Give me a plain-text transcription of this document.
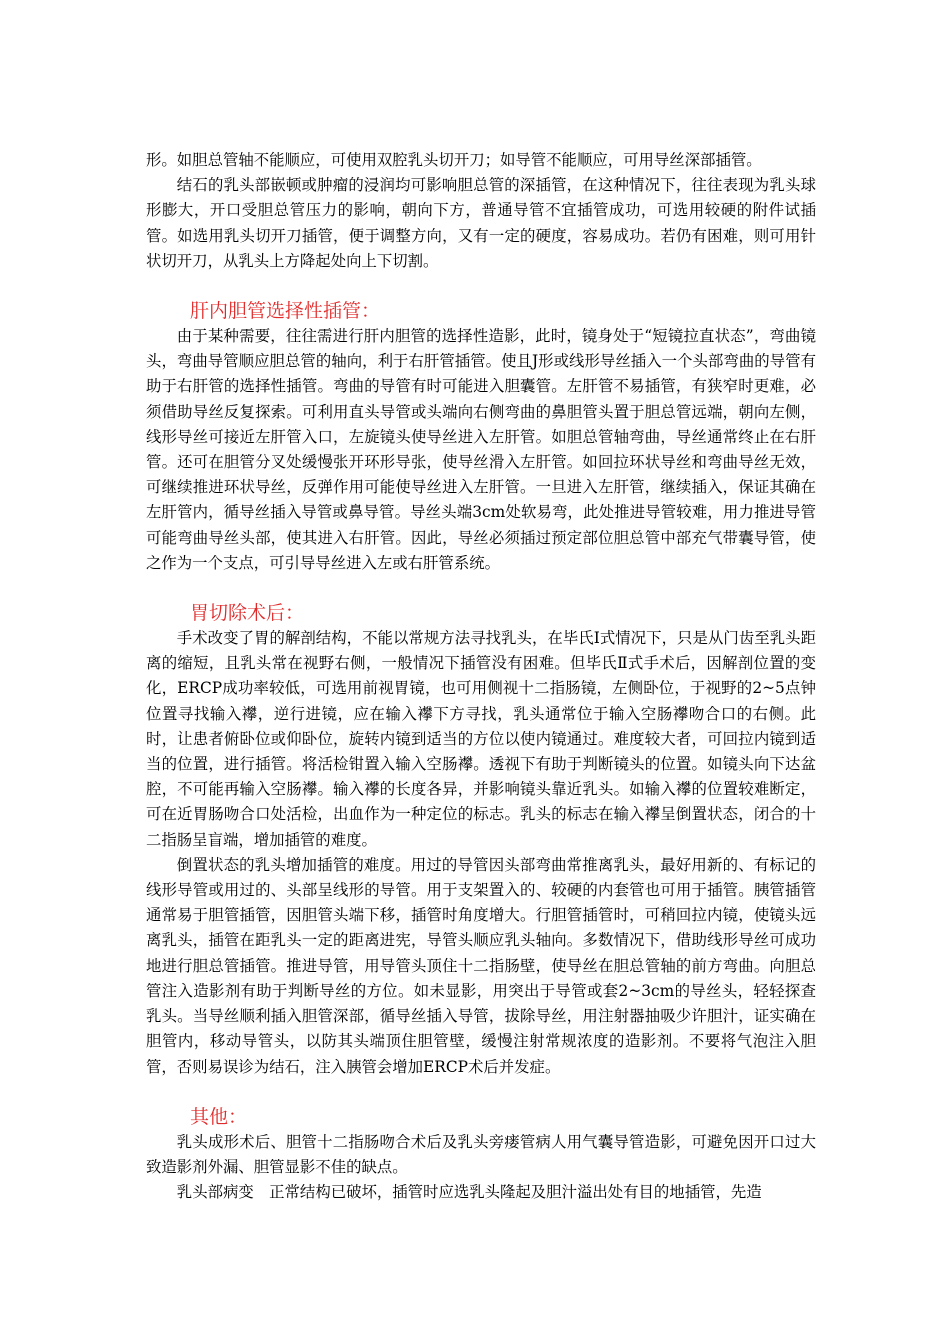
形。如胆总管轴不能顺应，可使用双腔乳头切开刀；如导管不能顺应，可用导丝深部插管。

结石的乳头部嵌顿或肿瘤的浸润均可影响胆总管的深插管，在这种情况下，往往表现为乳头球形膨大，开口受胆总管压力的影响，朝向下方，普通导管不宜插管成功，可选用较硬的附件试插管。如选用乳头切开刀插管，便于调整方向，又有一定的硬度，容易成功。若仍有困难，则可用针状切开刀，从乳头上方降起处向上下切割。

肝内胆管选择性插管：

由于某种需要，往往需进行肝内胆管的选择性造影，此时，镜身处于“短镜拉直状态”，弯曲镜头，弯曲导管顺应胆总管的轴向，利于右肝管插管。使且J形或线形导丝插入一个头部弯曲的导管有助于右肝管的选择性插管。弯曲的导管有时可能进入胆囊管。左肝管不易插管，有狭窄时更难，必须借助导丝反复探索。可利用直头导管或头端向右侧弯曲的鼻胆管头置于胆总管远端，朝向左侧，线形导丝可接近左肝管入口，左旋镜头使导丝进入左肝管。如胆总管轴弯曲，导丝通常终止在右肝管。还可在胆管分叉处缓慢张开环形导张，使导丝滑入左肝管。如回拉环状导丝和弯曲导丝无效，可继续推进环状导丝，反弹作用可能使导丝进入左肝管。一旦进入左肝管，继续插入，保证其确在左肝管内，循导丝插入导管或鼻导管。导丝头端3cm处软易弯，此处推进导管较难，用力推进导管可能弯曲导丝头部，使其进入右肝管。因此，导丝必须插过预定部位胆总管中部充气带囊导管，使之作为一个支点，可引导导丝进入左或右肝管系统。

胃切除术后：

手术改变了胃的解剖结构，不能以常规方法寻找乳头，在毕氏Ⅰ式情况下，只是从门齿至乳头距离的缩短，且乳头常在视野右侧，一般情况下插管没有困难。但毕氏Ⅱ式手术后，因解剖位置的变化，ERCP成功率较低，可选用前视胃镜，也可用侧视十二指肠镜，左侧卧位，于视野的2~5点钟位置寻找输入襻，逆行进镜，应在输入襻下方寻找，乳头通常位于输入空肠襻吻合口的右侧。此时，让患者俯卧位或仰卧位，旋转内镜到适当的方位以使内镜通过。难度较大者，可回拉内镜到适当的位置，进行插管。将活检钳置入输入空肠襻。透视下有助于判断镜头的位置。如镜头向下达盆腔，不可能再输入空肠襻。输入襻的长度各异，并影响镜头靠近乳头。如输入襻的位置较难断定，可在近胃肠吻合口处活检，出血作为一种定位的标志。乳头的标志在输入襻呈倒置状态，闭合的十二指肠呈盲端，增加插管的难度。

倒置状态的乳头增加插管的难度。用过的导管因头部弯曲常推离乳头，最好用新的、有标记的线形导管或用过的、头部呈线形的导管。用于支架置入的、较硬的内套管也可用于插管。胰管插管通常易于胆管插管，因胆管头端下移，插管时角度增大。行胆管插管时，可稍回拉内镜，使镜头远离乳头，插管在距乳头一定的距离进宪，导管头顺应乳头轴向。多数情况下，借助线形导丝可成功地进行胆总管插管。推进导管，用导管头顶住十二指肠壁，使导丝在胆总管轴的前方弯曲。向胆总管注入造影剂有助于判断导丝的方位。如未显影，用突出于导管或套2~3cm的导丝头，轻轻探查乳头。当导丝顺利插入胆管深部，循导丝插入导管，拔除导丝，用注射器抽吸少许胆汁，证实确在胆管内，移动导管头，以防其头端顶住胆管壁，缓慢注射常规浓度的造影剂。不要将气泡注入胆管，否则易误诊为结石，注入胰管会增加ERCP术后并发症。

其他：

乳头成形术后、胆管十二指肠吻合术后及乳头旁瘘管病人用气囊导管造影，可避免因开口过大致造影剂外漏、胆管显影不佳的缺点。

乳头部病变　正常结构已破坏，插管时应选乳头隆起及胆汁溢出处有目的地插管，先造
